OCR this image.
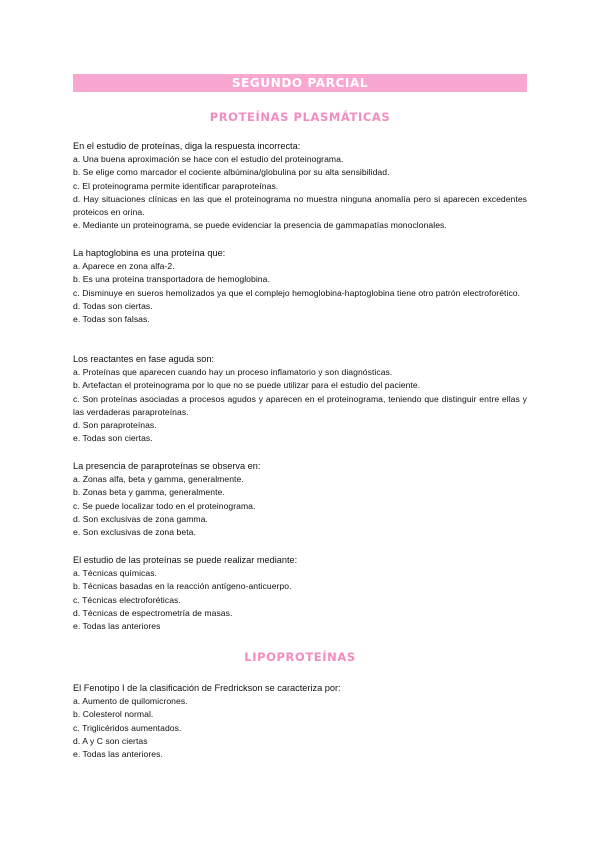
SEGUNDO PARCIAL
PROTEÍNAS PLASMÁTICAS
En el estudio de proteínas, diga la respuesta incorrecta:
a. Una buena aproximación se hace con el estudio del proteinograma.
b. Se elige como marcador el cociente albúmina/globulina por su alta sensibilidad.
c. El proteinograma permite identificar paraproteínas.
d. Hay situaciones clínicas en las que el proteinograma no muestra ninguna anomalía pero si aparecen excedentes proteicos en orina.
e. Mediante un proteinograma, se puede evidenciar la presencia de gammapatías monoclonales.
La haptoglobina es una proteína que:
a. Aparece en zona alfa-2.
b. Es una proteína transportadora de hemoglobina.
c. Disminuye en sueros hemolizados ya que el complejo hemoglobina-haptoglobina tiene otro patrón electroforético.
d. Todas son ciertas.
e. Todas son falsas.
Los reactantes en fase aguda son:
a. Proteínas que aparecen cuando hay un proceso inflamatorio y son diagnósticas.
b. Artefactan el proteinograma por lo que no se puede utilizar para el estudio del paciente.
c. Son proteínas asociadas a procesos agudos y aparecen en el proteinograma, teniendo que distinguir entre ellas y las verdaderas paraproteínas.
d. Son paraproteínas.
e. Todas son ciertas.
La presencia de paraproteínas se observa en:
a. Zonas alfa, beta y gamma, generalmente.
b. Zonas beta y gamma, generalmente.
c. Se puede localizar todo en el proteinograma.
d. Son exclusivas de zona gamma.
e. Son exclusivas de zona beta.
El estudio de las proteínas se puede realizar mediante:
a. Técnicas químicas.
b. Técnicas basadas en la reacción antígeno-anticuerpo.
c. Técnicas electroforéticas.
d. Técnicas de espectrometría de masas.
e. Todas las anteriores
LIPOPROTEÍNAS
El Fenotipo I de la clasificación de Fredrickson se caracteriza por:
a. Aumento de quilomicrones.
b. Colesterol normal.
c. Triglicéridos aumentados.
d. A y C son ciertas
e. Todas las anteriores.
